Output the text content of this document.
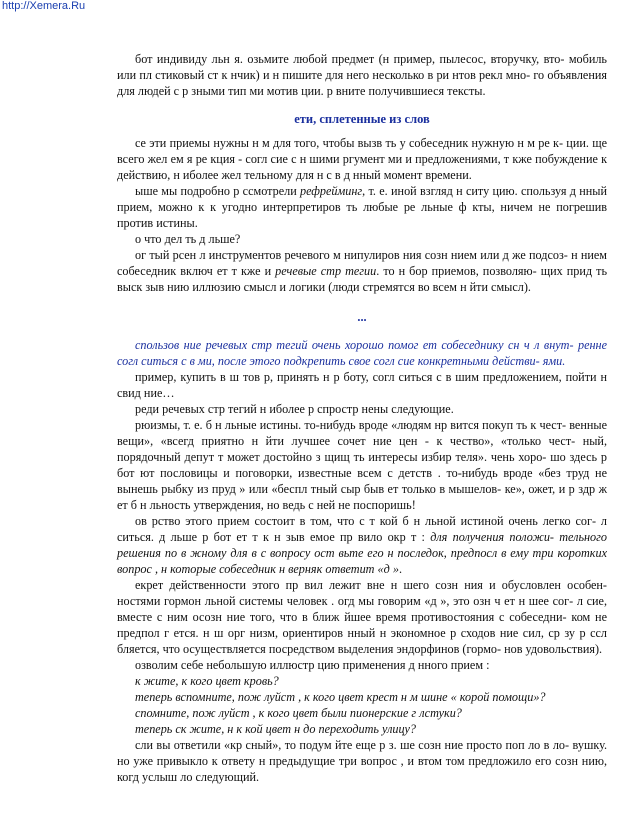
http://Xemera.Ru

бот индивиду льн я. озьмите любой предмет (н пример, пылесос, вторучку, вто- мобиль или пл стиковый ст к нчик) и н пишите для него несколько в ри нтов рекл мно- го объявления для людей с р зными тип ми мотив ции. р вните получившиеся тексты.

ети, сплетенные из слов

се эти приемы нужны н м для того, чтобы вызв ть у собеседник нужную н м ре к- ции. ще всего жел ем я ре кция - согл сие с н шими ргумент ми и предложениями, т кже побуждение к действию, н иболее жел тельному для н с в д нный момент времени.

ыше мы подробно р ссмотрели рефрейминг, т. е. иной взгляд н ситу цию. спользуя д нный прием, можно к к угодно интерпретиров ть любые ре льные ф кты, ничем не погрешив против истины.

о что дел ть д льше?

ог тый рсен л инструментов речевого м нипулиров ния созн нием или д же подсоз- н нием собеседник включ ет т кже и речевые стр тегии. то н бор приемов, позволяю- щих прид ть выск зыв нию иллюзию смысл и логики (люди стремятся во всем н йти смысл).

...

спользов ние речевых стр тегий очень хорошо помог ет собеседнику сн ч л внут- ренне согл ситься с в ми, после этого подкрепить свое согл сие конкретными действи- ями.

пример, купить в ш тов р, принять н р боту, согл ситься с в шим предложением, пойти н свид ние…

реди речевых стр тегий н иболее р спростр нены следующие.

рюизмы, т. е. б н льные истины. то-нибудь вроде «людям нр вится покуп ть к чест- венные вещи», «всегд приятно н йти лучшее сочет ние цен - к чество», «только чест- ный, порядочный депут т может достойно з щищ ть интересы избир теля». чень хоро- шо здесь р бот ют пословицы и поговорки, известные всем с детств . то-нибудь вроде «без труд не вынешь рыбку из пруд » или «беспл тный сыр быв ет только в мышелов- ке», ожет, и р здр ж ет б н льность утверждения, но ведь с ней не поспоришь!

ов рство этого прием состоит в том, что с т кой б н льной истиной очень легко сог- л ситься. д льше р бот ет т к н зыв емое пр вило окр т : для получения положи- тельного решения по в жному для в с вопросу ост вьте его н последок, предпосл в ему три коротких вопрос , н которые собеседник н верняк ответит «д ».

екрет действенности этого пр вил лежит вне н шего созн ния и обусловлен особен- ностями гормон льной системы человек . огд мы говорим «д », это озн ч ет н шее сог- л сие, вместе с ним осозн ние того, что в ближ йшее время противостояния с собеседни- ком не предпол г ется. н ш орг низм, ориентиров нный н экономное р сходов ние сил, ср зу р ссл бляется, что осуществляется посредством выделения эндорфинов (гормо- нов удовольствия).

озволим себе небольшую иллюстр цию применения д нного прием :

к жите, к кого цвет кровь?

теперь вспомните, пож луйст , к кого цвет крест н м шине « корой помощи»?

спомните, пож луйст , к кого цвет были пионерские г лстуки?

теперь ск жите, н к кой цвет н до переходить улицу?

сли вы ответили «кр сный», то подум йте еще р з. ше созн ние просто поп ло в ло- вушку. но уже привыкло к ответу н предыдущие три вопрос , и втом том предложило его созн нию, когд услыш ло следующий.
